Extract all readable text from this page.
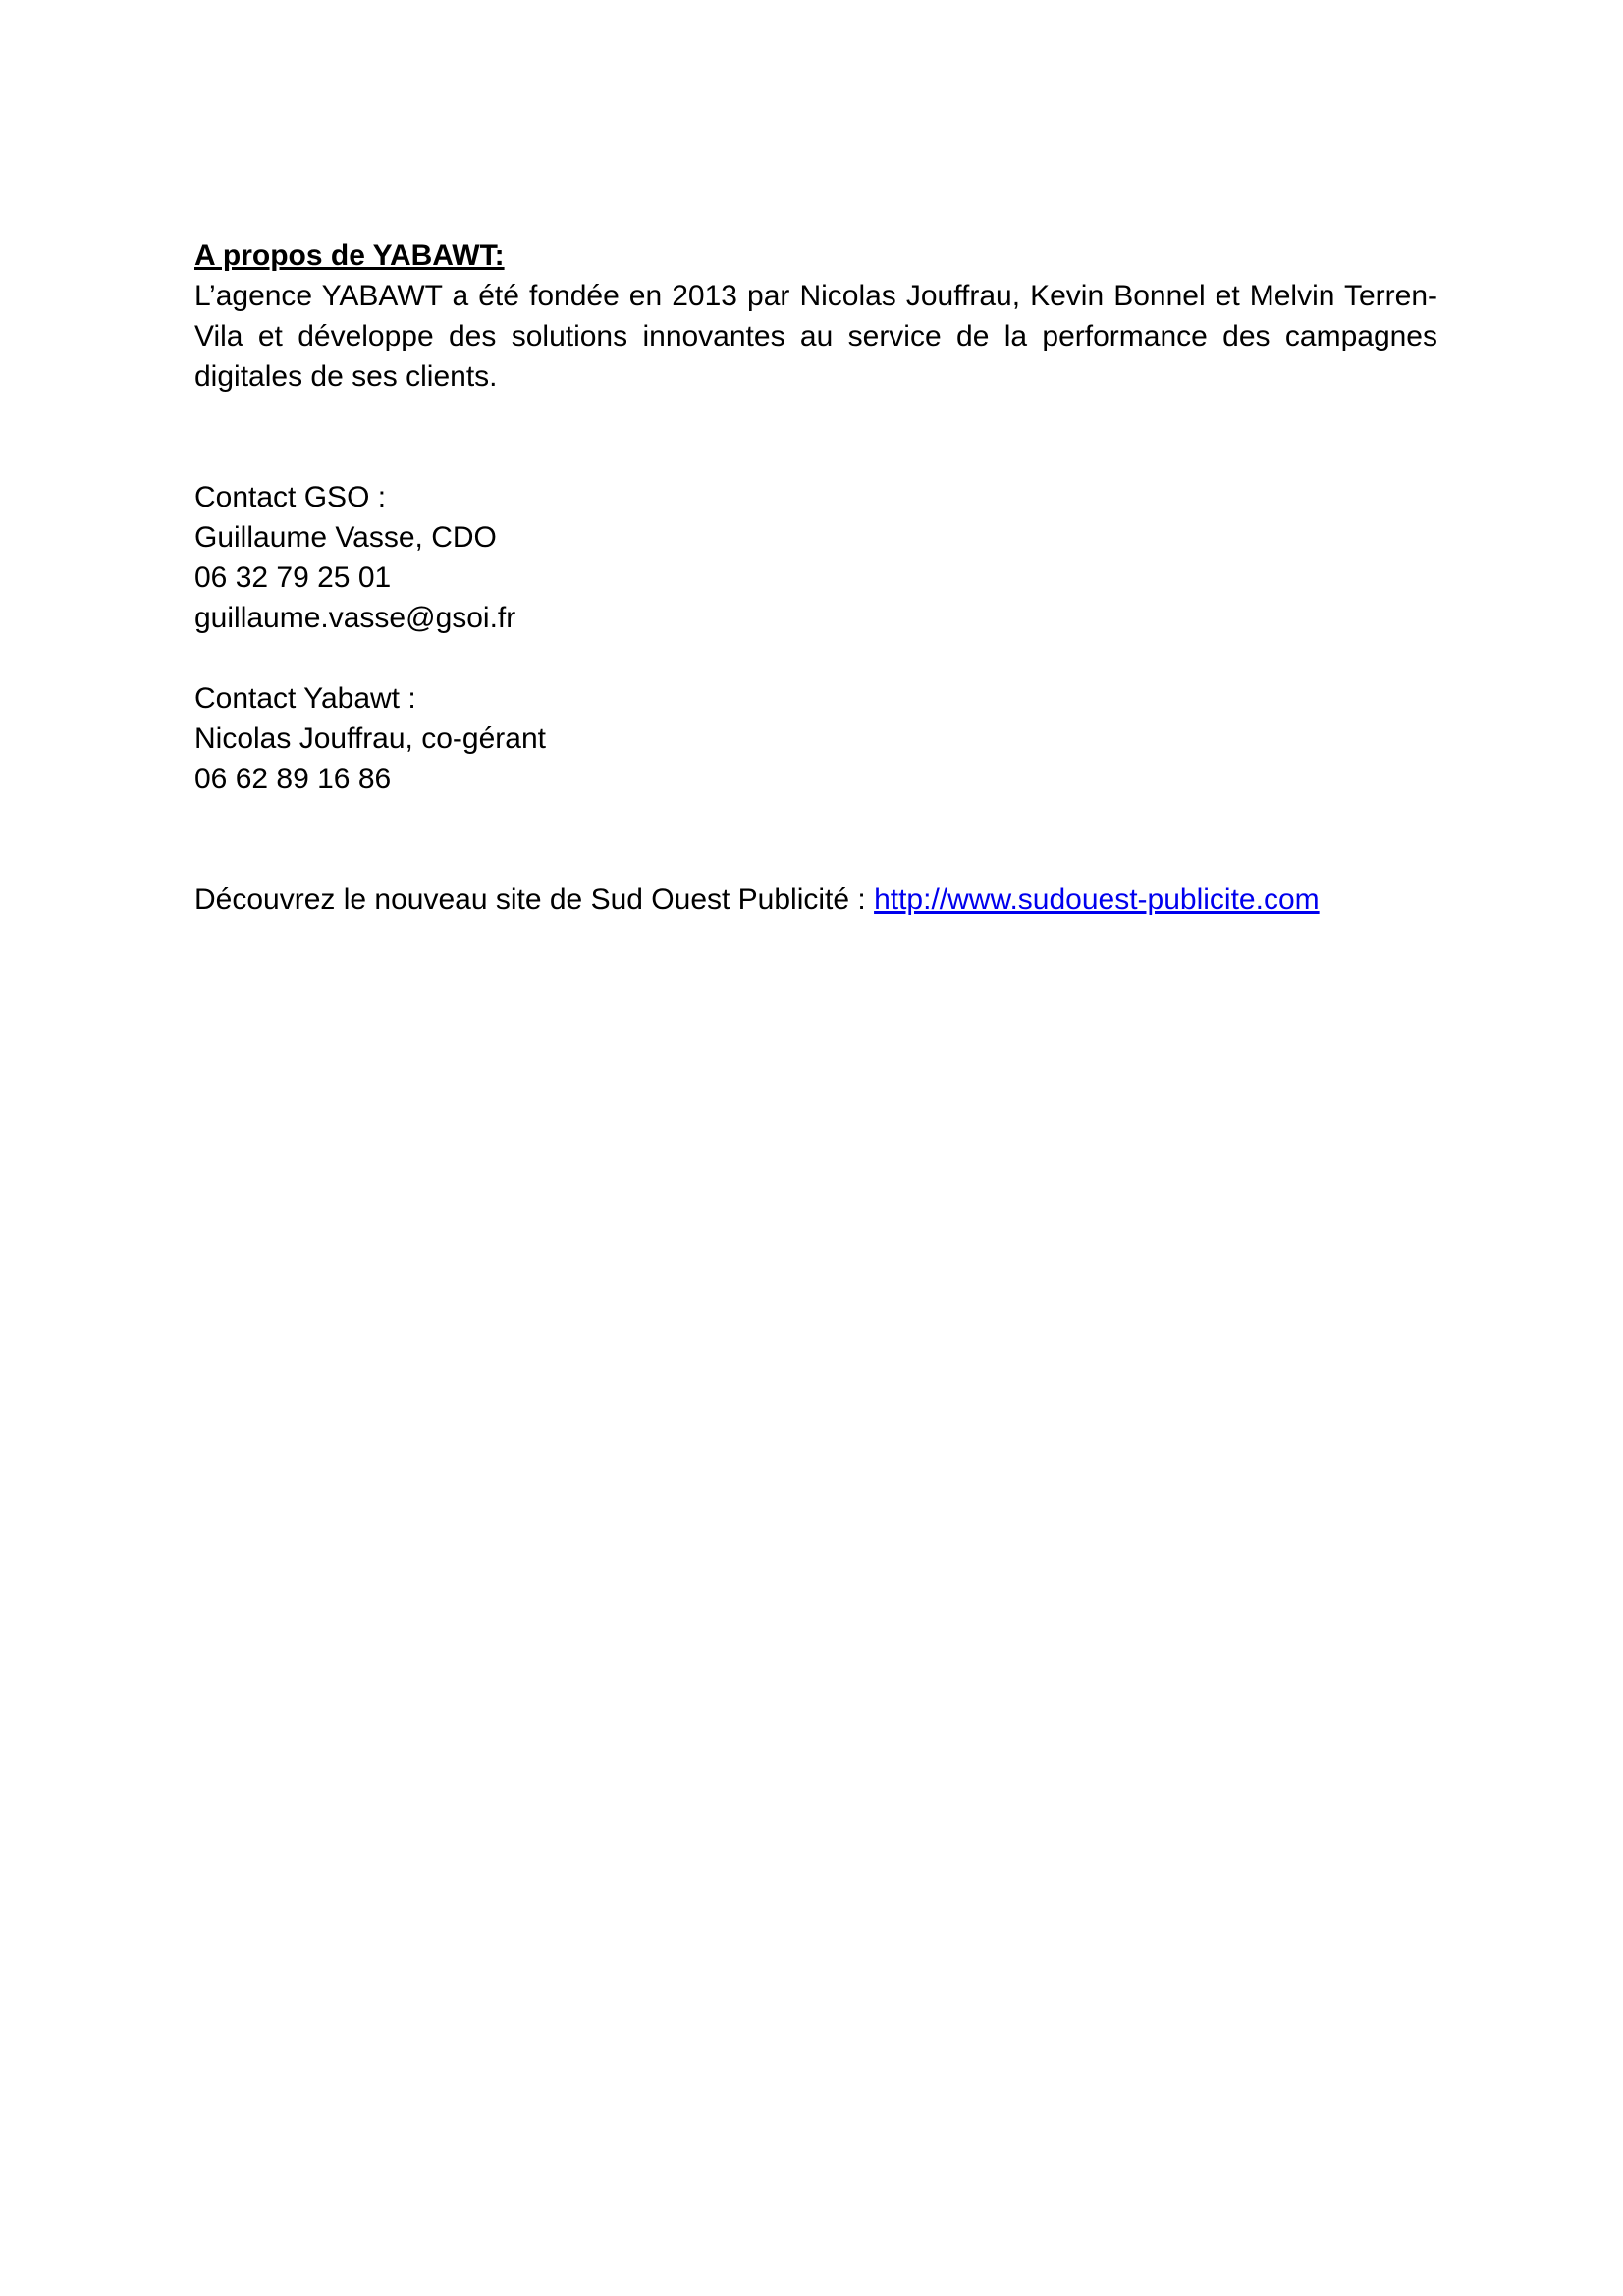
A propos de YABAWT:

L’agence YABAWT a été fondée en 2013 par Nicolas Jouffrau, Kevin Bonnel et Melvin Terren-Vila et développe des solutions innovantes au service de la performance des campagnes digitales de ses clients.

Contact GSO :

Guillaume Vasse, CDO

06 32 79 25 01

guillaume.vasse@gsoi.fr

Contact Yabawt :

Nicolas Jouffrau, co-gérant

06 62 89 16 86

Découvrez le nouveau site de Sud Ouest Publicité : http://www.sudouest-publicite.com
